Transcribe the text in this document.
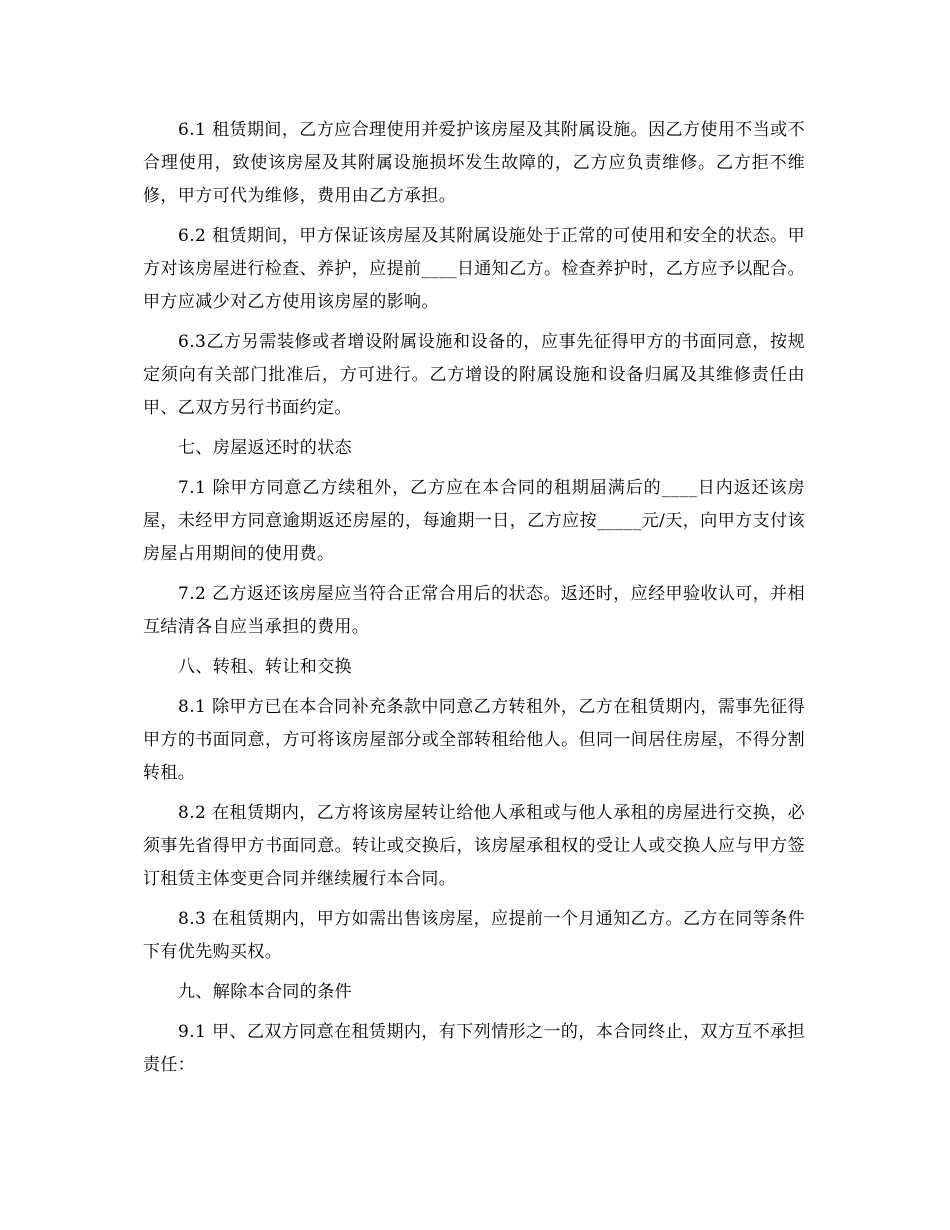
6.1 租赁期间，乙方应合理使用并爱护该房屋及其附属设施。因乙方使用不当或不合理使用，致使该房屋及其附属设施损坏发生故障的，乙方应负责维修。乙方拒不维修，甲方可代为维修，费用由乙方承担。

6.2 租赁期间，甲方保证该房屋及其附属设施处于正常的可使用和安全的状态。甲方对该房屋进行检查、养护，应提前____日通知乙方。检查养护时，乙方应予以配合。甲方应减少对乙方使用该房屋的影响。

6.3乙方另需装修或者增设附属设施和设备的，应事先征得甲方的书面同意，按规定须向有关部门批准后，方可进行。乙方增设的附属设施和设备归属及其维修责任由甲、乙双方另行书面约定。

七、房屋返还时的状态

7.1 除甲方同意乙方续租外，乙方应在本合同的租期届满后的____日内返还该房屋，未经甲方同意逾期返还房屋的，每逾期一日，乙方应按_____元/天，向甲方支付该房屋占用期间的使用费。

7.2 乙方返还该房屋应当符合正常合用后的状态。返还时，应经甲验收认可，并相互结清各自应当承担的费用。

八、转租、转让和交换

8.1 除甲方已在本合同补充条款中同意乙方转租外，乙方在租赁期内，需事先征得甲方的书面同意，方可将该房屋部分或全部转租给他人。但同一间居住房屋，不得分割转租。

8.2 在租赁期内，乙方将该房屋转让给他人承租或与他人承租的房屋进行交换，必须事先省得甲方书面同意。转让或交换后，该房屋承租权的受让人或交换人应与甲方签订租赁主体变更合同并继续履行本合同。

8.3 在租赁期内，甲方如需出售该房屋，应提前一个月通知乙方。乙方在同等条件下有优先购买权。

九、解除本合同的条件

9.1 甲、乙双方同意在租赁期内，有下列情形之一的，本合同终止，双方互不承担责任：
